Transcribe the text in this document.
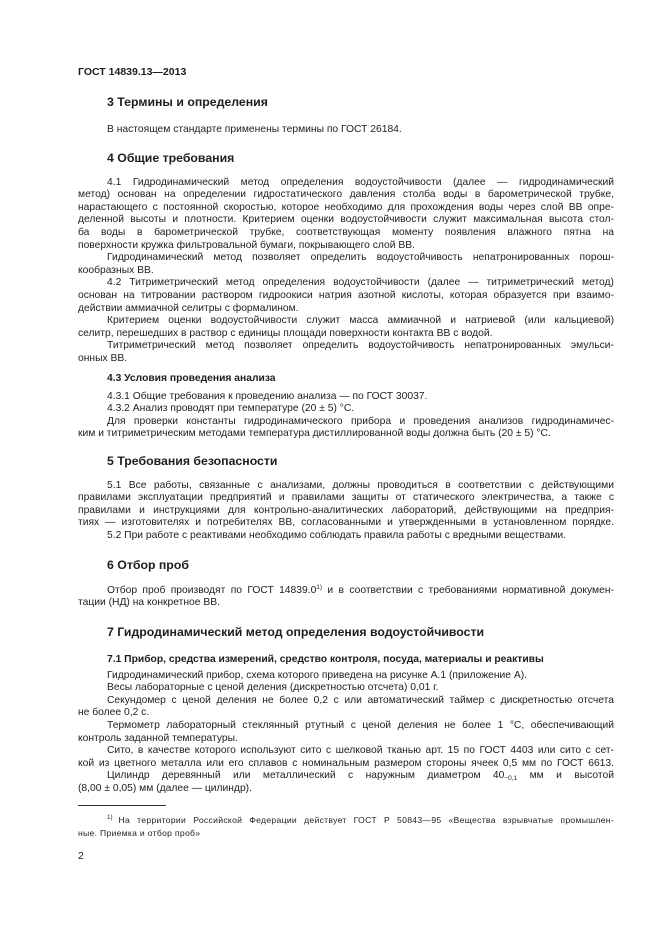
ГОСТ 14839.13—2013
3 Термины и определения
В настоящем стандарте применены термины по ГОСТ 26184.
4 Общие требования
4.1 Гидродинамический метод определения водоустойчивости (далее — гидродинамический
метод) основан на определении гидростатического давления столба воды в барометрической трубке,
нарастающего с постоянной скоростью, которое необходимо для прохождения воды через слой ВВ опре-
деленной высоты и плотности. Критерием оценки водоустойчивости служит максимальная высота стол-
ба воды в барометрической трубке, соответствующая моменту появления влажного пятна на
поверхности кружка фильтровальной бумаги, покрывающего слой ВВ.
Гидродинамический метод позволяет определить водоустойчивость непатронированных порош-
кообразных ВВ.
4.2 Титриметрический метод определения водоустойчивости (далее — титриметрический метод)
основан на титровании раствором гидроокиси натрия азотной кислоты, которая образуется при взаимо-
действии аммиачной селитры с формалином.
Критерием оценки водоустойчивости служит масса аммиачной и натриевой (или кальциевой)
селитр, перешедших в раствор с единицы площади поверхности контакта ВВ с водой.
Титриметрический метод позволяет определить водоустойчивость непатронированных эмульси-
онных ВВ.
4.3 Условия проведения анализа
4.3.1 Общие требования к проведению анализа — по ГОСТ 30037.
4.3.2 Анализ проводят при температуре (20 ± 5) °C.
Для проверки константы гидродинамического прибора и проведения анализов гидродинамичес-
ким и титриметрическим методами температура дистиллированной воды должна быть (20 ± 5) °C.
5 Требования безопасности
5.1 Все работы, связанные с анализами, должны проводиться в соответствии с действующими
правилами эксплуатации предприятий и правилами защиты от статического электричества, а также с
правилами и инструкциями для контрольно-аналитических лабораторий, действующими на предприя-
тиях — изготовителях и потребителях ВВ, согласованными и утвержденными в установленном порядке.
5.2 При работе с реактивами необходимо соблюдать правила работы с вредными веществами.
6 Отбор проб
Отбор проб производят по ГОСТ 14839.0$^{1)}$ и в соответствии с требованиями нормативной докумен-
тации (НД) на конкретное ВВ.
7 Гидродинамический метод определения водоустойчивости
7.1 Прибор, средства измерений, средство контроля, посуда, материалы и реактивы
Гидродинамический прибор, схема которого приведена на рисунке А.1 (приложение А).
Весы лабораторные с ценой деления (дискретностью отсчета) 0,01 г.
Секундомер с ценой деления не более 0,2 с или автоматический таймер с дискретностью отсчета
не более 0,2 с.
Термометр лабораторный стеклянный ртутный с ценой деления не более 1 °C, обеспечивающий
контроль заданной температуры.
Сито, в качестве которого используют сито с шелковой тканью арт. 15 по ГОСТ 4403 или сито с сет-
кой из цветного металла или его сплавов с номинальным размером стороны ячеек 0,5 мм по ГОСТ 6613.
Цилиндр деревянный или металлический с наружным диаметром $40_{-0,1}$ мм и высотой
(8,00 ± 0,05) мм (далее — цилиндр).
$^{1)}$ На территории Российской Федерации действует ГОСТ Р 50843—95 «Вещества взрывчатые промышлен-
ные. Приемка и отбор проб»
2
